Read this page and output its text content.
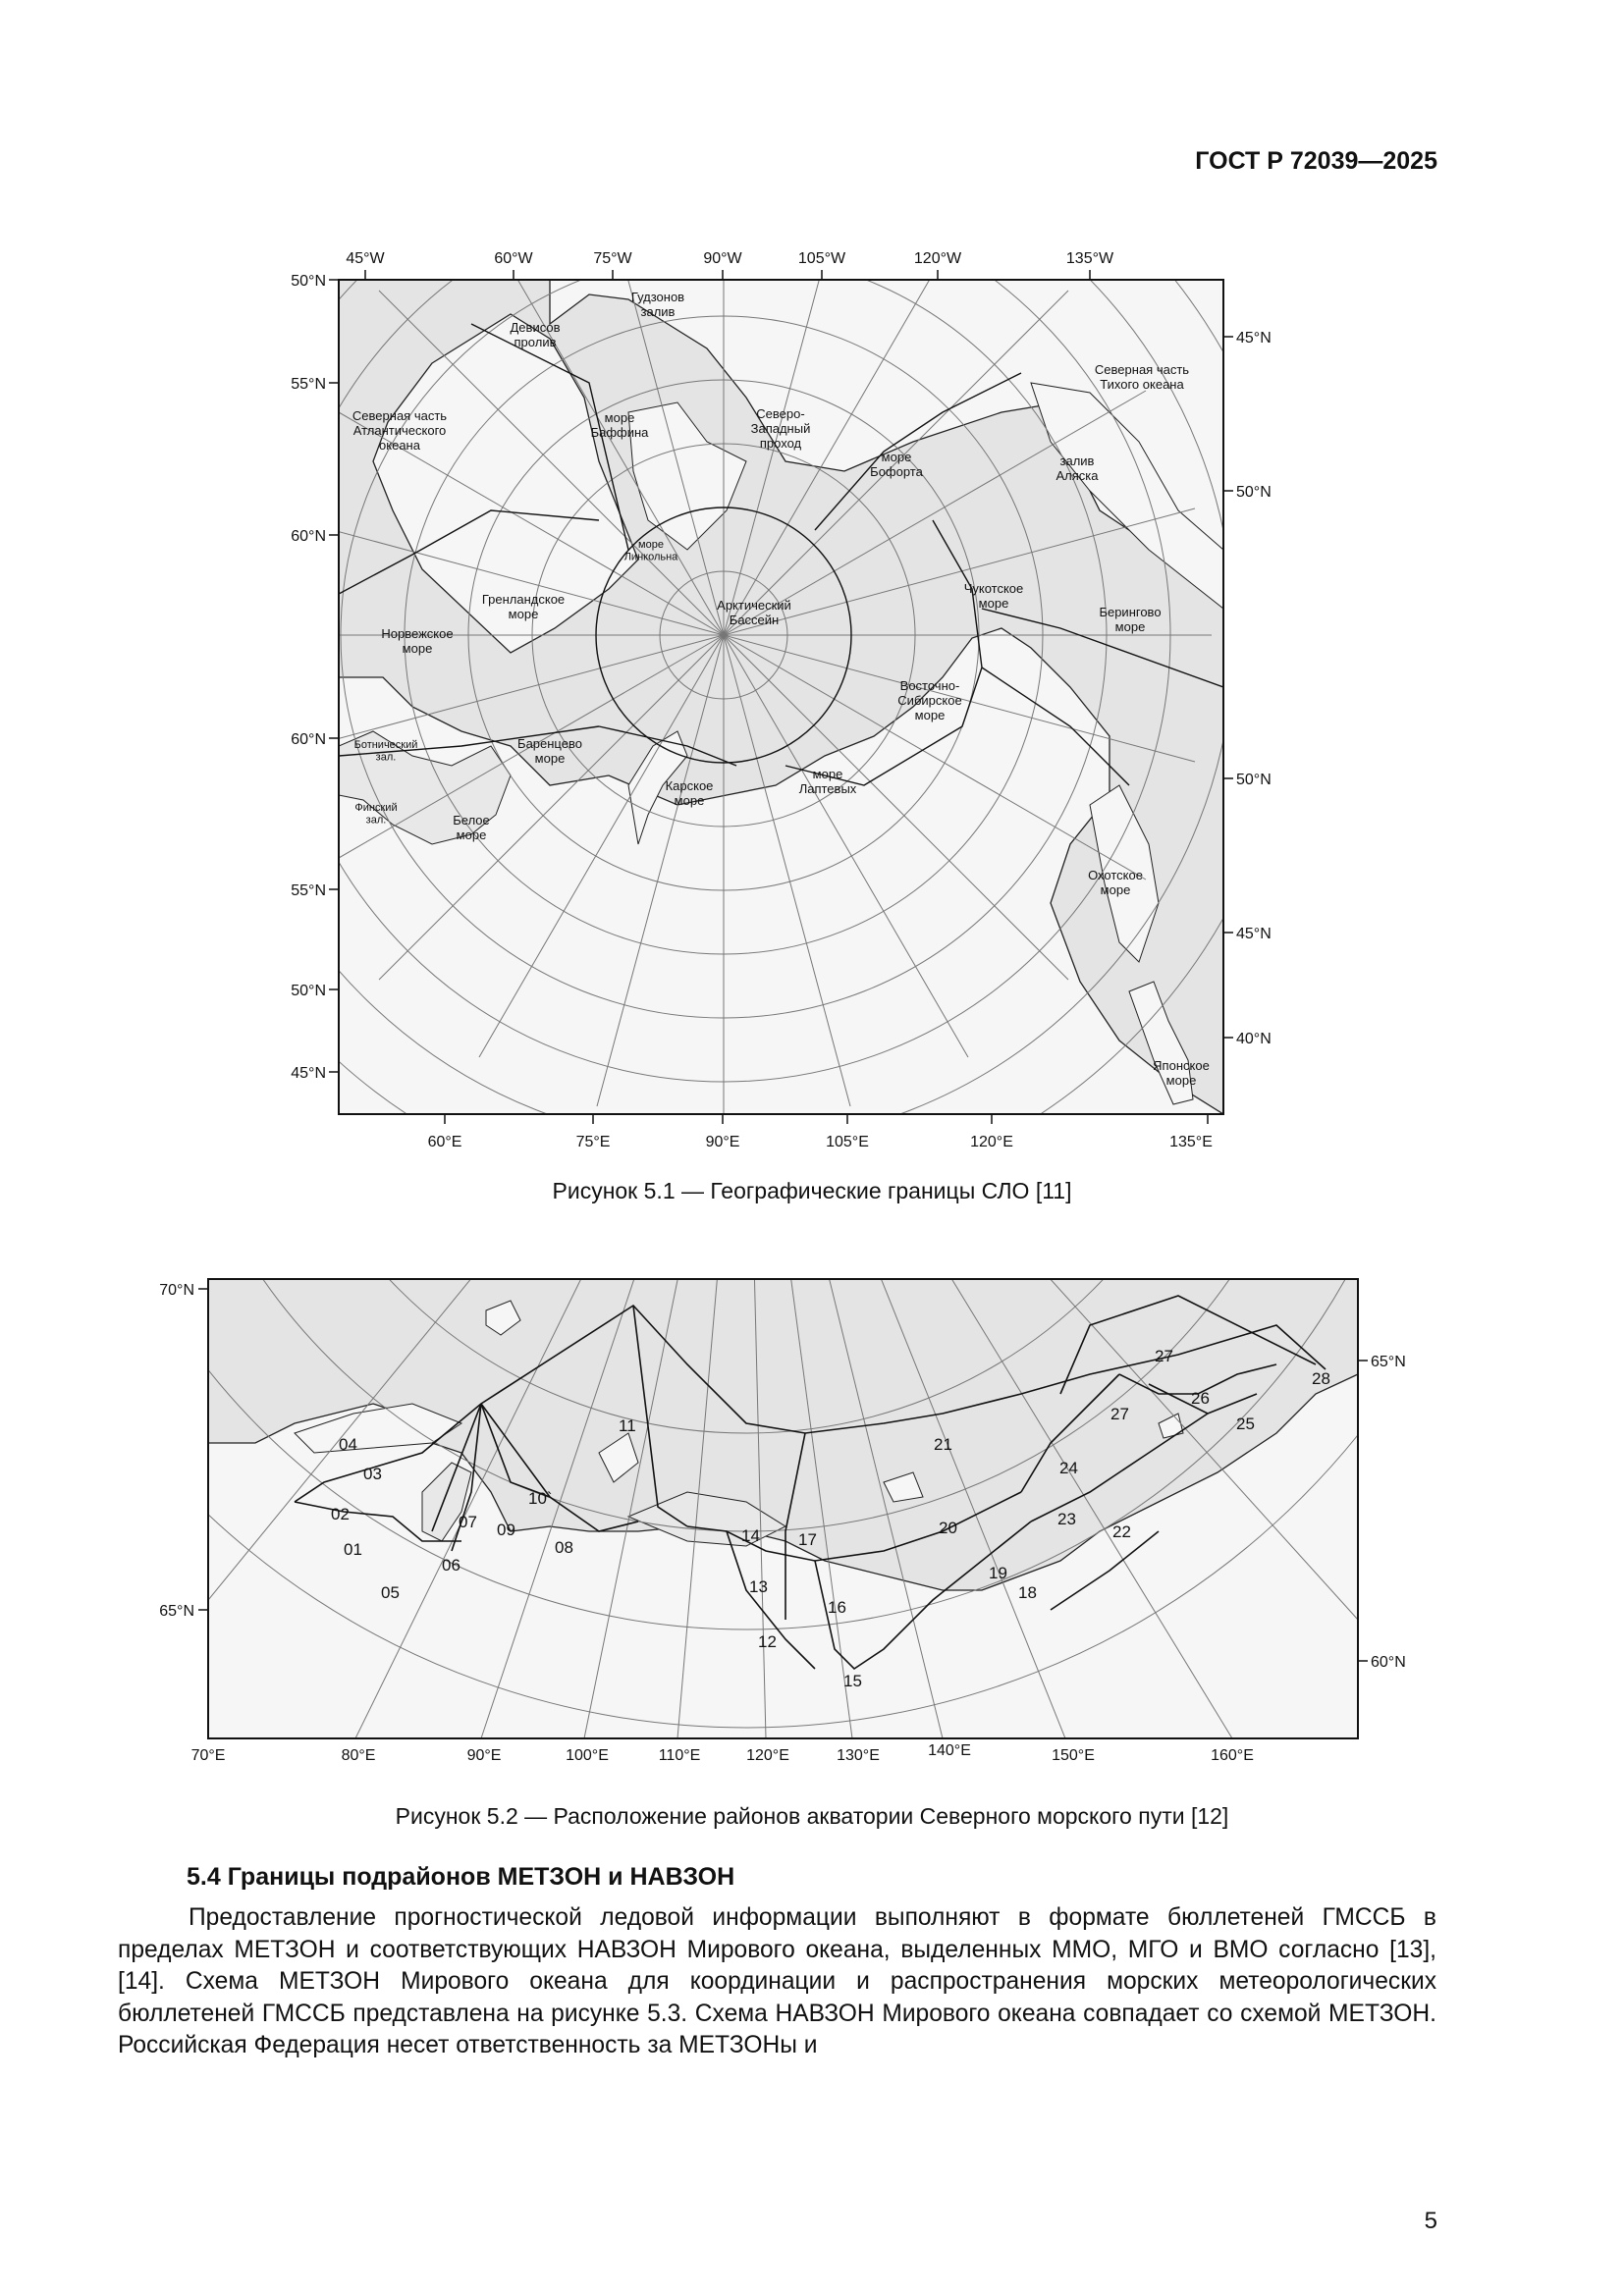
ГОСТ Р 72039—2025
45°W	60°W	75°W	90°W	105°W	120°W	135°W
60°E	75°E	90°E	105°E	120°E	135°E
50°N
55°N
60°N
60°N
55°N
50°N
45°N
45°N
50°N
50°N
45°N
40°N
Гудзонов залив
Девисов пролив
Северная часть Атлантического океана
море Баффина
Северо-Западный проход
море Бофорта
Северная часть Тихого океана
залив Аляска
море Линкольна
Гренландское море
Арктический Бассейн
Чукотское море
Берингово море
Норвежское море
Восточно-Сибирское море
Ботнический зал.
Баренцево море
Карское море
море Лаптевых
Финский зал.	Белое море
Охотское море
Японское море
70°N
65°N
65°N
60°N
70°E	80°E	90°E	100°E	110°E	120°E	130°E	140°E	150°E	160°E
01
02
03
04
05
06
07
08
09
10`
11
12
13
14
15
16
17
18
19
20
21
22
23
24
25
26
27
27
28
Рисунок 5.1 — Географические границы СЛО [11]
Рисунок 5.2 — Расположение районов акватории Северного морского пути [12]
5.4 Границы подрайонов МЕТЗОН и НАВЗОН

Предоставление прогностической ледовой информации выполняют в формате бюллетеней ГМССБ в пределах МЕТЗОН и соответствующих НАВЗОН Мирового океана, выделенных ММО, МГО и ВМО согласно [13], [14]. Схема МЕТЗОН Мирового океана для координации и распространения морских метеорологических бюллетеней ГМССБ представлена на рисунке 5.3. Схема НАВЗОН Мирового океана совпадает со схемой МЕТЗОН. Российская Федерация несет ответственность за МЕТЗОНы и

5
